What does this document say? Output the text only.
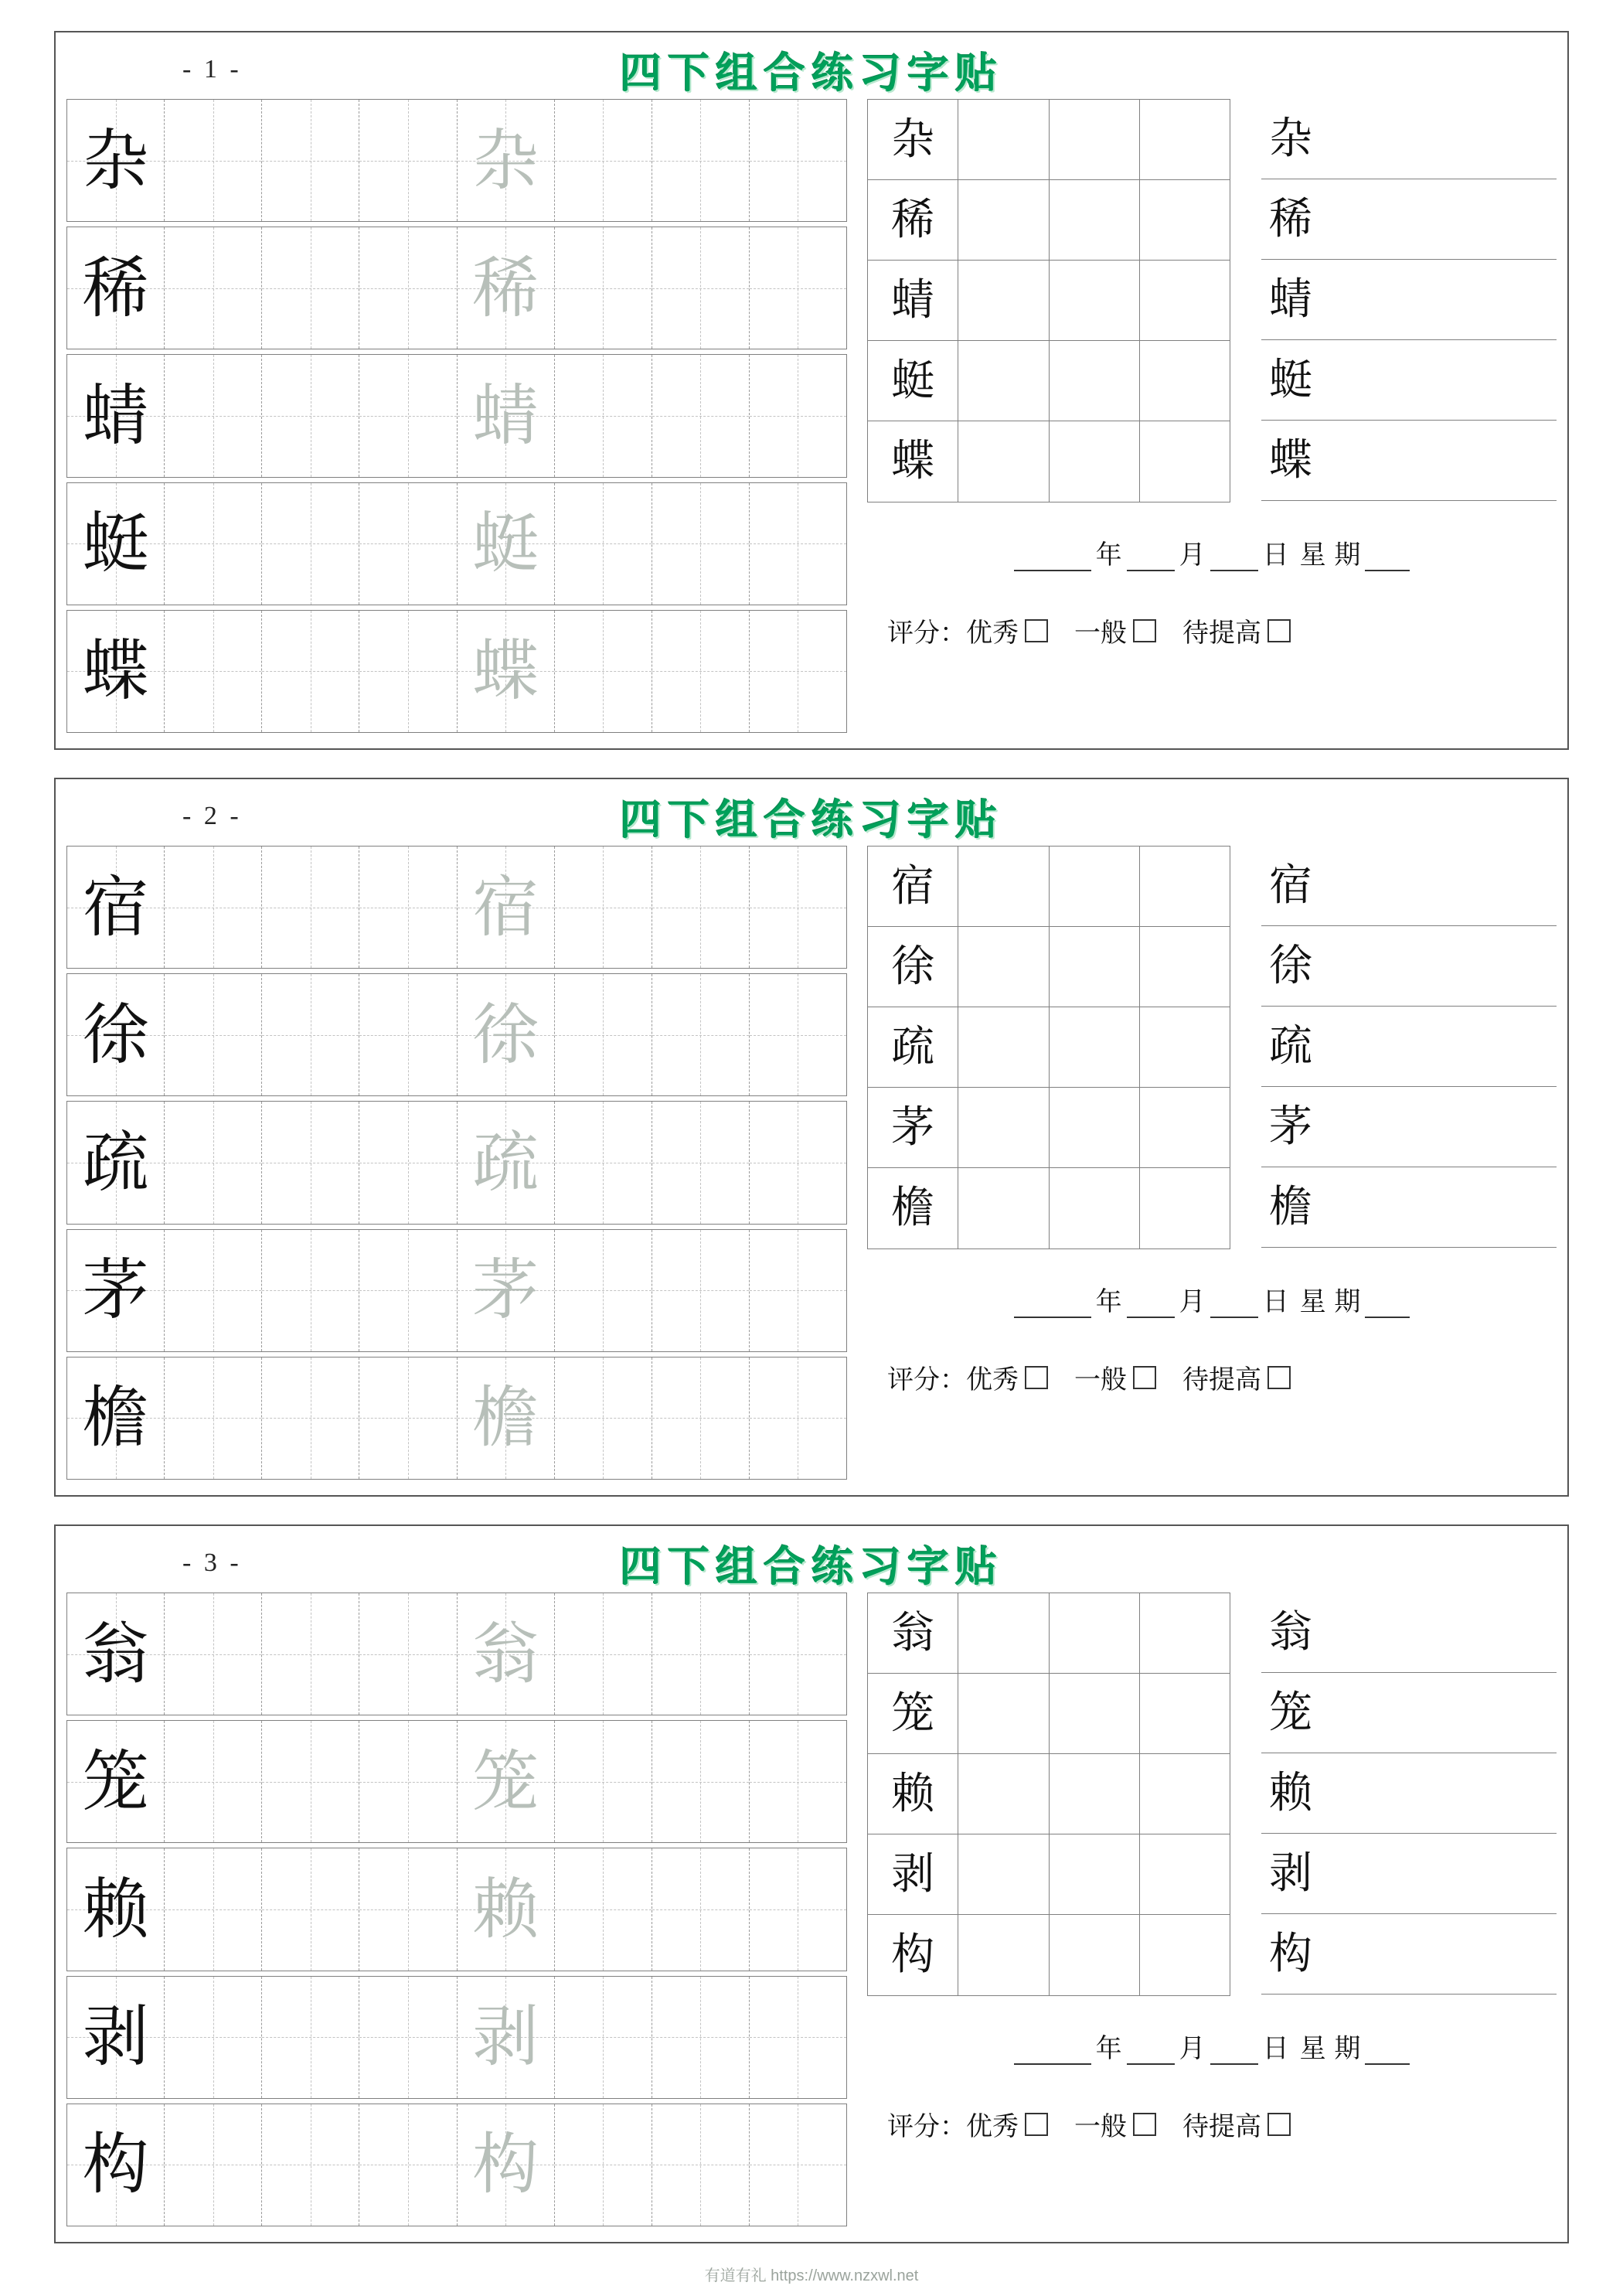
- 1 -	四下组合练习字贴
杂	杂
稀	稀
蜻	蜻
蜓	蜓
蝶	蝶
杂
稀
蜻
蜓
蝶
杂
稀
蜻
蜓
蝶
年 月 日 星 期
评分： 优秀 一般 待提高
- 2 -	四下组合练习字贴
宿	宿
徐	徐
疏	疏
茅	茅
檐	檐
宿
徐
疏
茅
檐
宿
徐
疏
茅
檐
年 月 日 星 期
评分： 优秀 一般 待提高
- 3 -	四下组合练习字贴
翁	翁
笼	笼
赖	赖
剥	剥
构	构
翁
笼
赖
剥
构
翁
笼
赖
剥
构
年 月 日 星 期
评分： 优秀 一般 待提高
有道有礼 https://www.nzxwl.net
